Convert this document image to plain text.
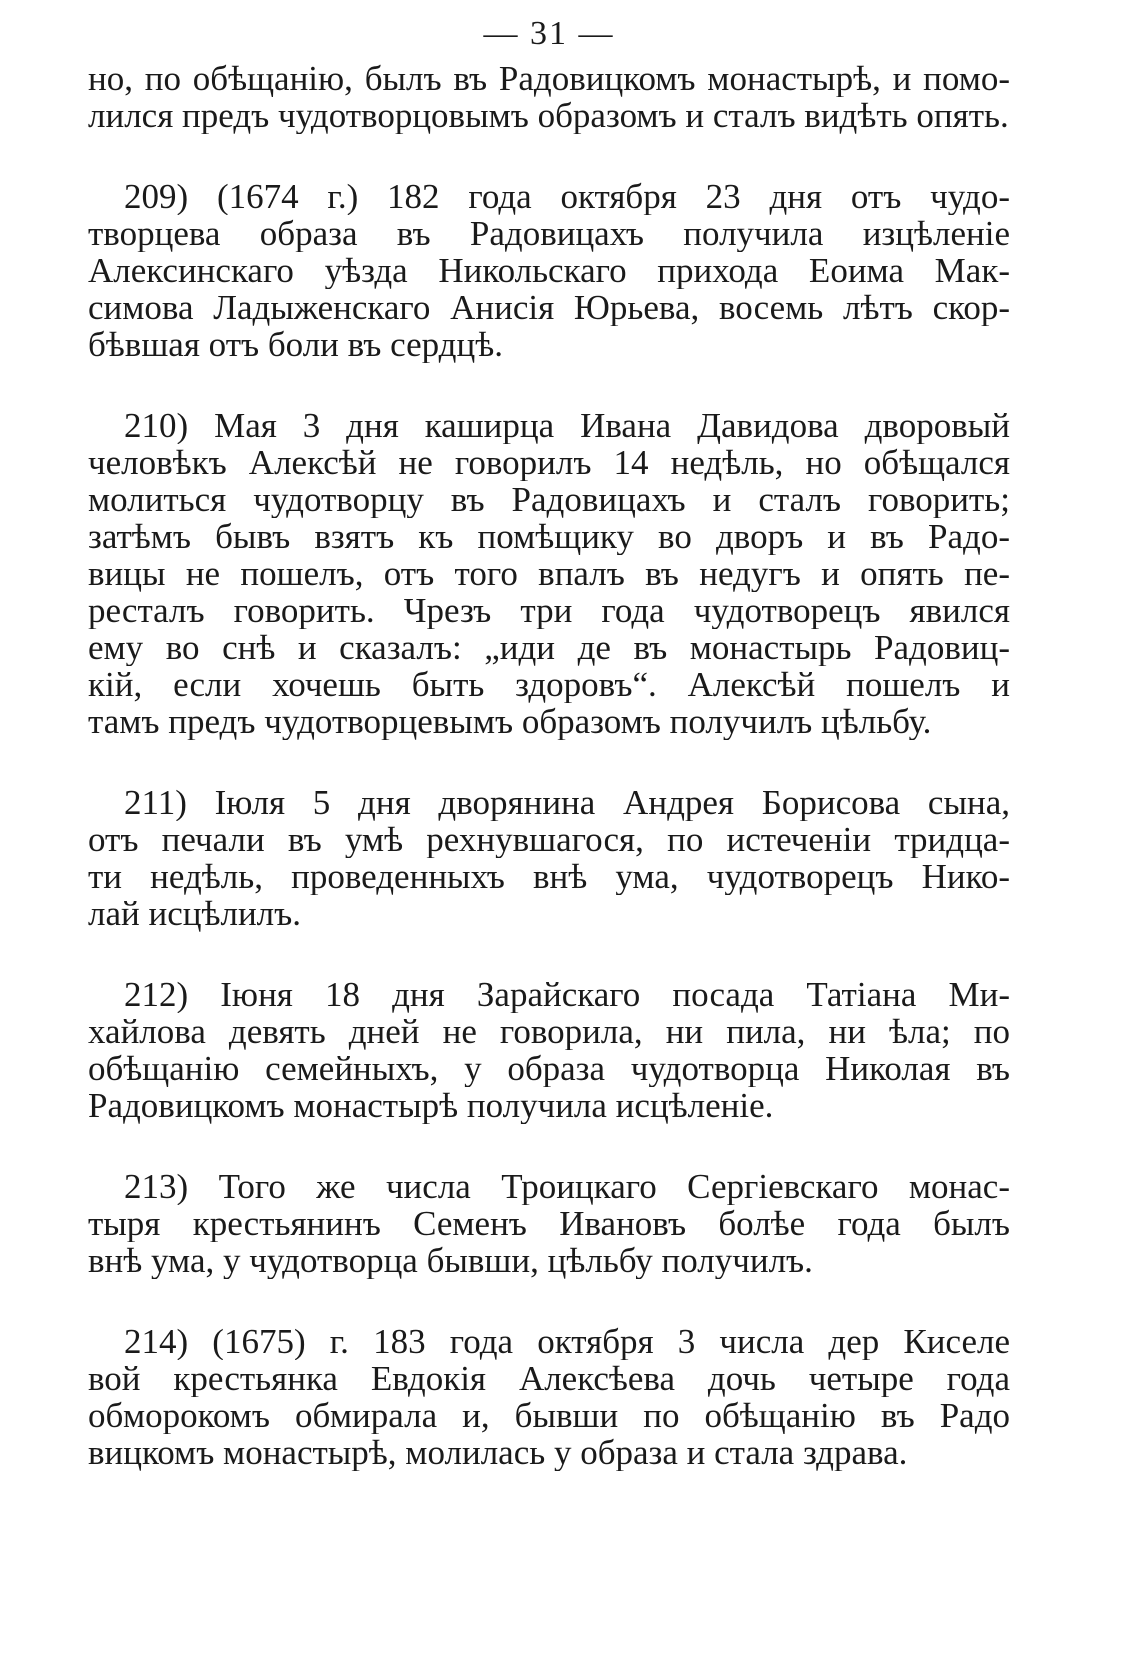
— 31 —
но, по обѣщанію, былъ въ Радовицкомъ монастырѣ, и помо-
лился предъ чудотворцовымъ образомъ и сталъ видѣть опять.
209) (1674 г.) 182 года октября 23 дня отъ чудо-
творцева образа въ Радовицахъ получила изцѣленіе
Алексинскаго уѣзда Никольскаго прихода Еоима Мак-
симова Ладыженскаго Анисія Юрьева, восемь лѣтъ скор-
бѣвшая отъ боли въ сердцѣ.
210) Мая 3 дня каширца Ивана Давидова дворовый
человѣкъ Алексѣй не говорилъ 14 недѣль, но обѣщался
молиться чудотворцу въ Радовицахъ и сталъ говорить;
затѣмъ бывъ взятъ къ помѣщику во дворъ и въ Радо-
вицы не пошелъ, отъ того впалъ въ недугъ и опять пе-
ресталъ говорить. Чрезъ три года чудотворецъ явился
ему во снѣ и сказалъ: „иди де въ монастырь Радовиц-
кій, если хочешь быть здоровъ“. Алексѣй пошелъ и
тамъ предъ чудотворцевымъ образомъ получилъ цѣльбу.
211) Іюля 5 дня дворянина Андрея Борисова сына,
отъ печали въ умѣ рехнувшагося, по истеченіи тридца-
ти недѣль, проведенныхъ внѣ ума, чудотворецъ Нико-
лай исцѣлилъ.
212) Іюня 18 дня Зарайскаго посада Татіана Ми-
хайлова девять дней не говорила, ни пила, ни ѣла; по
обѣщанію семейныхъ, у образа чудотворца Николая въ
Радовицкомъ монастырѣ получила исцѣленіе.
213) Того же числа Троицкаго Сергіевскаго монас-
тыря крестьянинъ Семенъ Ивановъ болѣе года былъ
внѣ ума, у чудотворца бывши, цѣльбу получилъ.
214) (1675) г. 183 года октября 3 числа дер Киселе
вой крестьянка Евдокія Алексѣева дочь четыре года
обморокомъ обмирала и, бывши по обѣщанію въ Радо
вицкомъ монастырѣ, молилась у образа и стала здрава.
